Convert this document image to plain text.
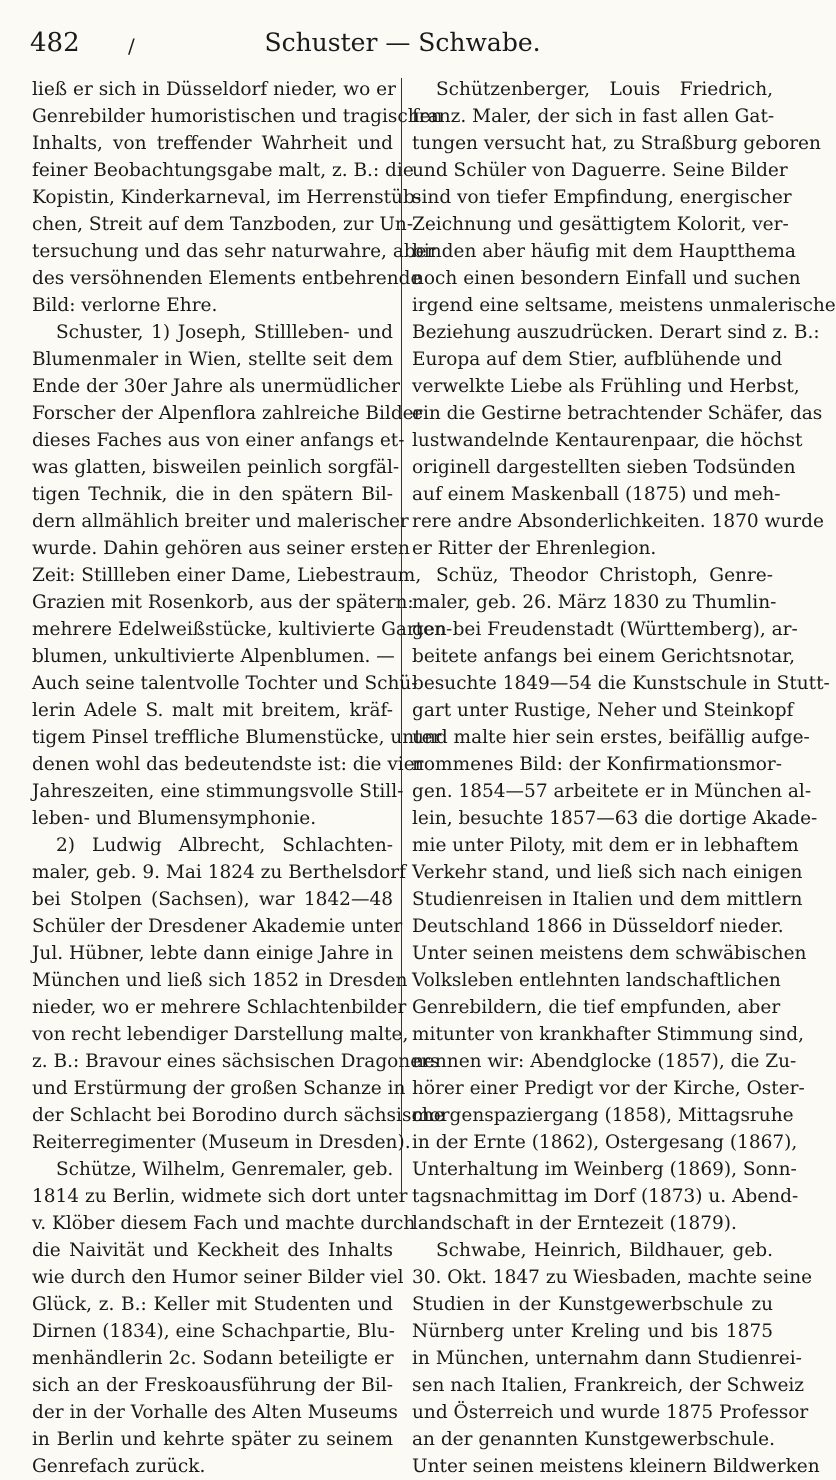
482 /	Schuster — Schwabe.
ließ er sich in Düsseldorf nieder, wo er
Genrebilder humoristischen und tragischen
Inhalts, von treffender Wahrheit und
feiner Beobachtungsgabe malt, z. B.: die
Kopistin, Kinderkarneval, im Herrenstüb-
chen, Streit auf dem Tanzboden, zur Un-
tersuchung und das sehr naturwahre, aber
des versöhnenden Elements entbehrende
Bild: verlorne Ehre.
Schuster, 1) Joseph, Stillleben- und
Blumenmaler in Wien, stellte seit dem
Ende der 30er Jahre als unermüdlicher
Forscher der Alpenflora zahlreiche Bilder
dieses Faches aus von einer anfangs et-
was glatten, bisweilen peinlich sorgfäl-
tigen Technik, die in den spätern Bil-
dern allmählich breiter und malerischer
wurde. Dahin gehören aus seiner ersten
Zeit: Stillleben einer Dame, Liebestraum,
Grazien mit Rosenkorb, aus der spätern:
mehrere Edelweißstücke, kultivierte Garten-
blumen, unkultivierte Alpenblumen. —
Auch seine talentvolle Tochter und Schü-
lerin Adele S. malt mit breitem, kräf-
tigem Pinsel treffliche Blumenstücke, unter
denen wohl das bedeutendste ist: die vier
Jahreszeiten, eine stimmungsvolle Still-
leben- und Blumensymphonie.
2) Ludwig Albrecht, Schlachten-
maler, geb. 9. Mai 1824 zu Berthelsdorf
bei Stolpen (Sachsen), war 1842—48
Schüler der Dresdener Akademie unter
Jul. Hübner, lebte dann einige Jahre in
München und ließ sich 1852 in Dresden
nieder, wo er mehrere Schlachtenbilder
von recht lebendiger Darstellung malte,
z. B.: Bravour eines sächsischen Dragoners
und Erstürmung der großen Schanze in
der Schlacht bei Borodino durch sächsische
Reiterregimenter (Museum in Dresden).
Schütze, Wilhelm, Genremaler, geb.
1814 zu Berlin, widmete sich dort unter
v. Klöber diesem Fach und machte durch
die Naivität und Keckheit des Inhalts
wie durch den Humor seiner Bilder viel
Glück, z. B.: Keller mit Studenten und
Dirnen (1834), eine Schachpartie, Blu-
menhändlerin 2c. Sodann beteiligte er
sich an der Freskoausführung der Bil-
der in der Vorhalle des Alten Museums
in Berlin und kehrte später zu seinem
Genrefach zurück.
Schützenberger, Louis Friedrich,
franz. Maler, der sich in fast allen Gat-
tungen versucht hat, zu Straßburg geboren
und Schüler von Daguerre. Seine Bilder
sind von tiefer Empfindung, energischer
Zeichnung und gesättigtem Kolorit, ver-
binden aber häufig mit dem Hauptthema
noch einen besondern Einfall und suchen
irgend eine seltsame, meistens unmalerische
Beziehung auszudrücken. Derart sind z. B.:
Europa auf dem Stier, aufblühende und
verwelkte Liebe als Frühling und Herbst,
ein die Gestirne betrachtender Schäfer, das
lustwandelnde Kentaurenpaar, die höchst
originell dargestellten sieben Todsünden
auf einem Maskenball (1875) und meh-
rere andre Absonderlichkeiten. 1870 wurde
er Ritter der Ehrenlegion.
Schüz, Theodor Christoph, Genre-
maler, geb. 26. März 1830 zu Thumlin-
gen bei Freudenstadt (Württemberg), ar-
beitete anfangs bei einem Gerichtsnotar,
besuchte 1849—54 die Kunstschule in Stutt-
gart unter Rustige, Neher und Steinkopf
und malte hier sein erstes, beifällig aufge-
nommenes Bild: der Konfirmationsmor-
gen. 1854—57 arbeitete er in München al-
lein, besuchte 1857—63 die dortige Akade-
mie unter Piloty, mit dem er in lebhaftem
Verkehr stand, und ließ sich nach einigen
Studienreisen in Italien und dem mittlern
Deutschland 1866 in Düsseldorf nieder.
Unter seinen meistens dem schwäbischen
Volksleben entlehnten landschaftlichen
Genrebildern, die tief empfunden, aber
mitunter von krankhafter Stimmung sind,
nennen wir: Abendglocke (1857), die Zu-
hörer einer Predigt vor der Kirche, Oster-
morgenspaziergang (1858), Mittagsruhe
in der Ernte (1862), Ostergesang (1867),
Unterhaltung im Weinberg (1869), Sonn-
tagsnachmittag im Dorf (1873) u. Abend-
landschaft in der Erntezeit (1879).
Schwabe, Heinrich, Bildhauer, geb.
30. Okt. 1847 zu Wiesbaden, machte seine
Studien in der Kunstgewerbschule zu
Nürnberg unter Kreling und bis 1875
in München, unternahm dann Studienrei-
sen nach Italien, Frankreich, der Schweiz
und Österreich und wurde 1875 Professor
an der genannten Kunstgewerbschule.
Unter seinen meistens kleinern Bildwerken
